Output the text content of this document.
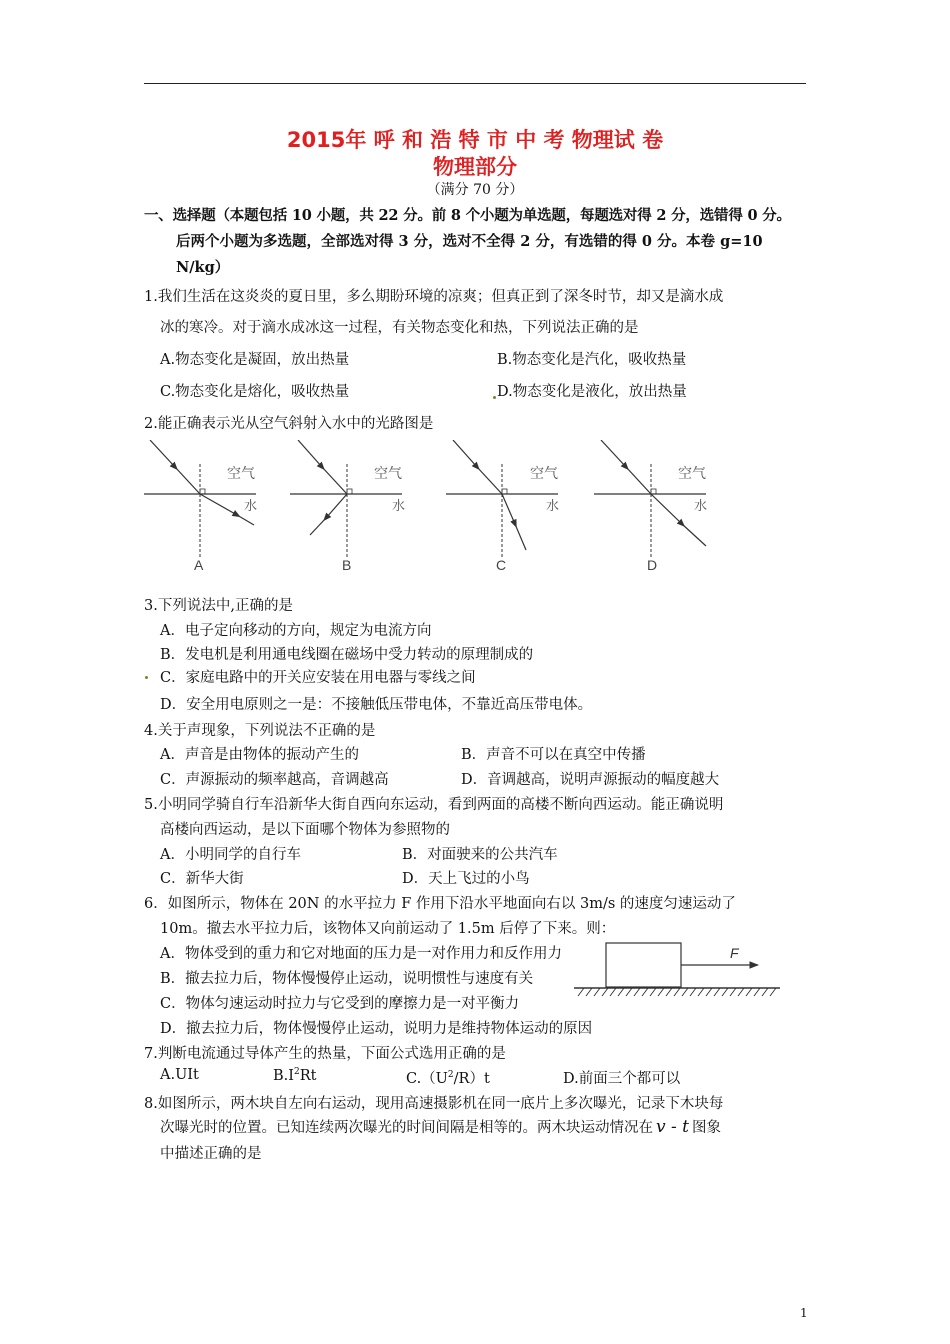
2015年 呼 和 浩 特 市 中 考 物理试 卷
物理部分
（满分 70 分）
一、选择题（本题包括 10 小题，共 22 分。前 8 个小题为单选题，每题选对得 2 分，选错得 0 分。
后两个小题为多选题，全部选对得 3 分，选对不全得 2 分，有选错的得 0 分。本卷 g=10
N/kg）
1.我们生活在这炎炎的夏日里，多么期盼环境的凉爽；但真正到了深冬时节，却又是滴水成
冰的寒冷。对于滴水成冰这一过程，有关物态变化和热，下列说法正确的是
A.物态变化是凝固，放出热量	B.物态变化是汽化，吸收热量
C.物态变化是熔化，吸收热量	D.物态变化是液化，放出热量
2.能正确表示光从空气斜射入水中的光路图是
空气
水
A
空气
水
B
空气
水
C
空气
水
D
3.下列说法中,正确的是
A．电子定向移动的方向，规定为电流方向
B．发电机是利用通电线圈在磁场中受力转动的原理制成的
C．家庭电路中的开关应安装在用电器与零线之间
D．安全用电原则之一是：不接触低压带电体，不靠近高压带电体。
4.关于声现象，下列说法不正确的是
A．声音是由物体的振动产生的	B．声音不可以在真空中传播
C．声源振动的频率越高，音调越高	D．音调越高，说明声源振动的幅度越大
5.小明同学骑自行车沿新华大街自西向东运动，看到两面的高楼不断向西运动。能正确说明
高楼向西运动，是以下面哪个物体为参照物的
A．小明同学的自行车	B．对面驶来的公共汽车
C．新华大街	D．天上飞过的小鸟
6．如图所示，物体在 20N 的水平拉力 F 作用下沿水平地面向右以 3m/s 的速度匀速运动了
10m。撤去水平拉力后，该物体又向前运动了 1.5m 后停了下来。则：
F
A．物体受到的重力和它对地面的压力是一对作用力和反作用力
B．撤去拉力后，物体慢慢停止运动，说明惯性与速度有关
C．物体匀速运动时拉力与它受到的摩擦力是一对平衡力
D．撤去拉力后，物体慢慢停止运动，说明力是维持物体运动的原因
7.判断电流通过导体产生的热量，下面公式选用正确的是
A.UIt	$B.I^2Rt$	$C.(U^2/R)t$	D.前面三个都可以
8.如图所示，两木块自左向右运动，现用高速摄影机在同一底片上多次曝光，记录下木块每
次曝光时的位置。已知连续两次曝光的时间间隔是相等的。两木块运动情况在 v - t 图象
中描述正确的是
1
